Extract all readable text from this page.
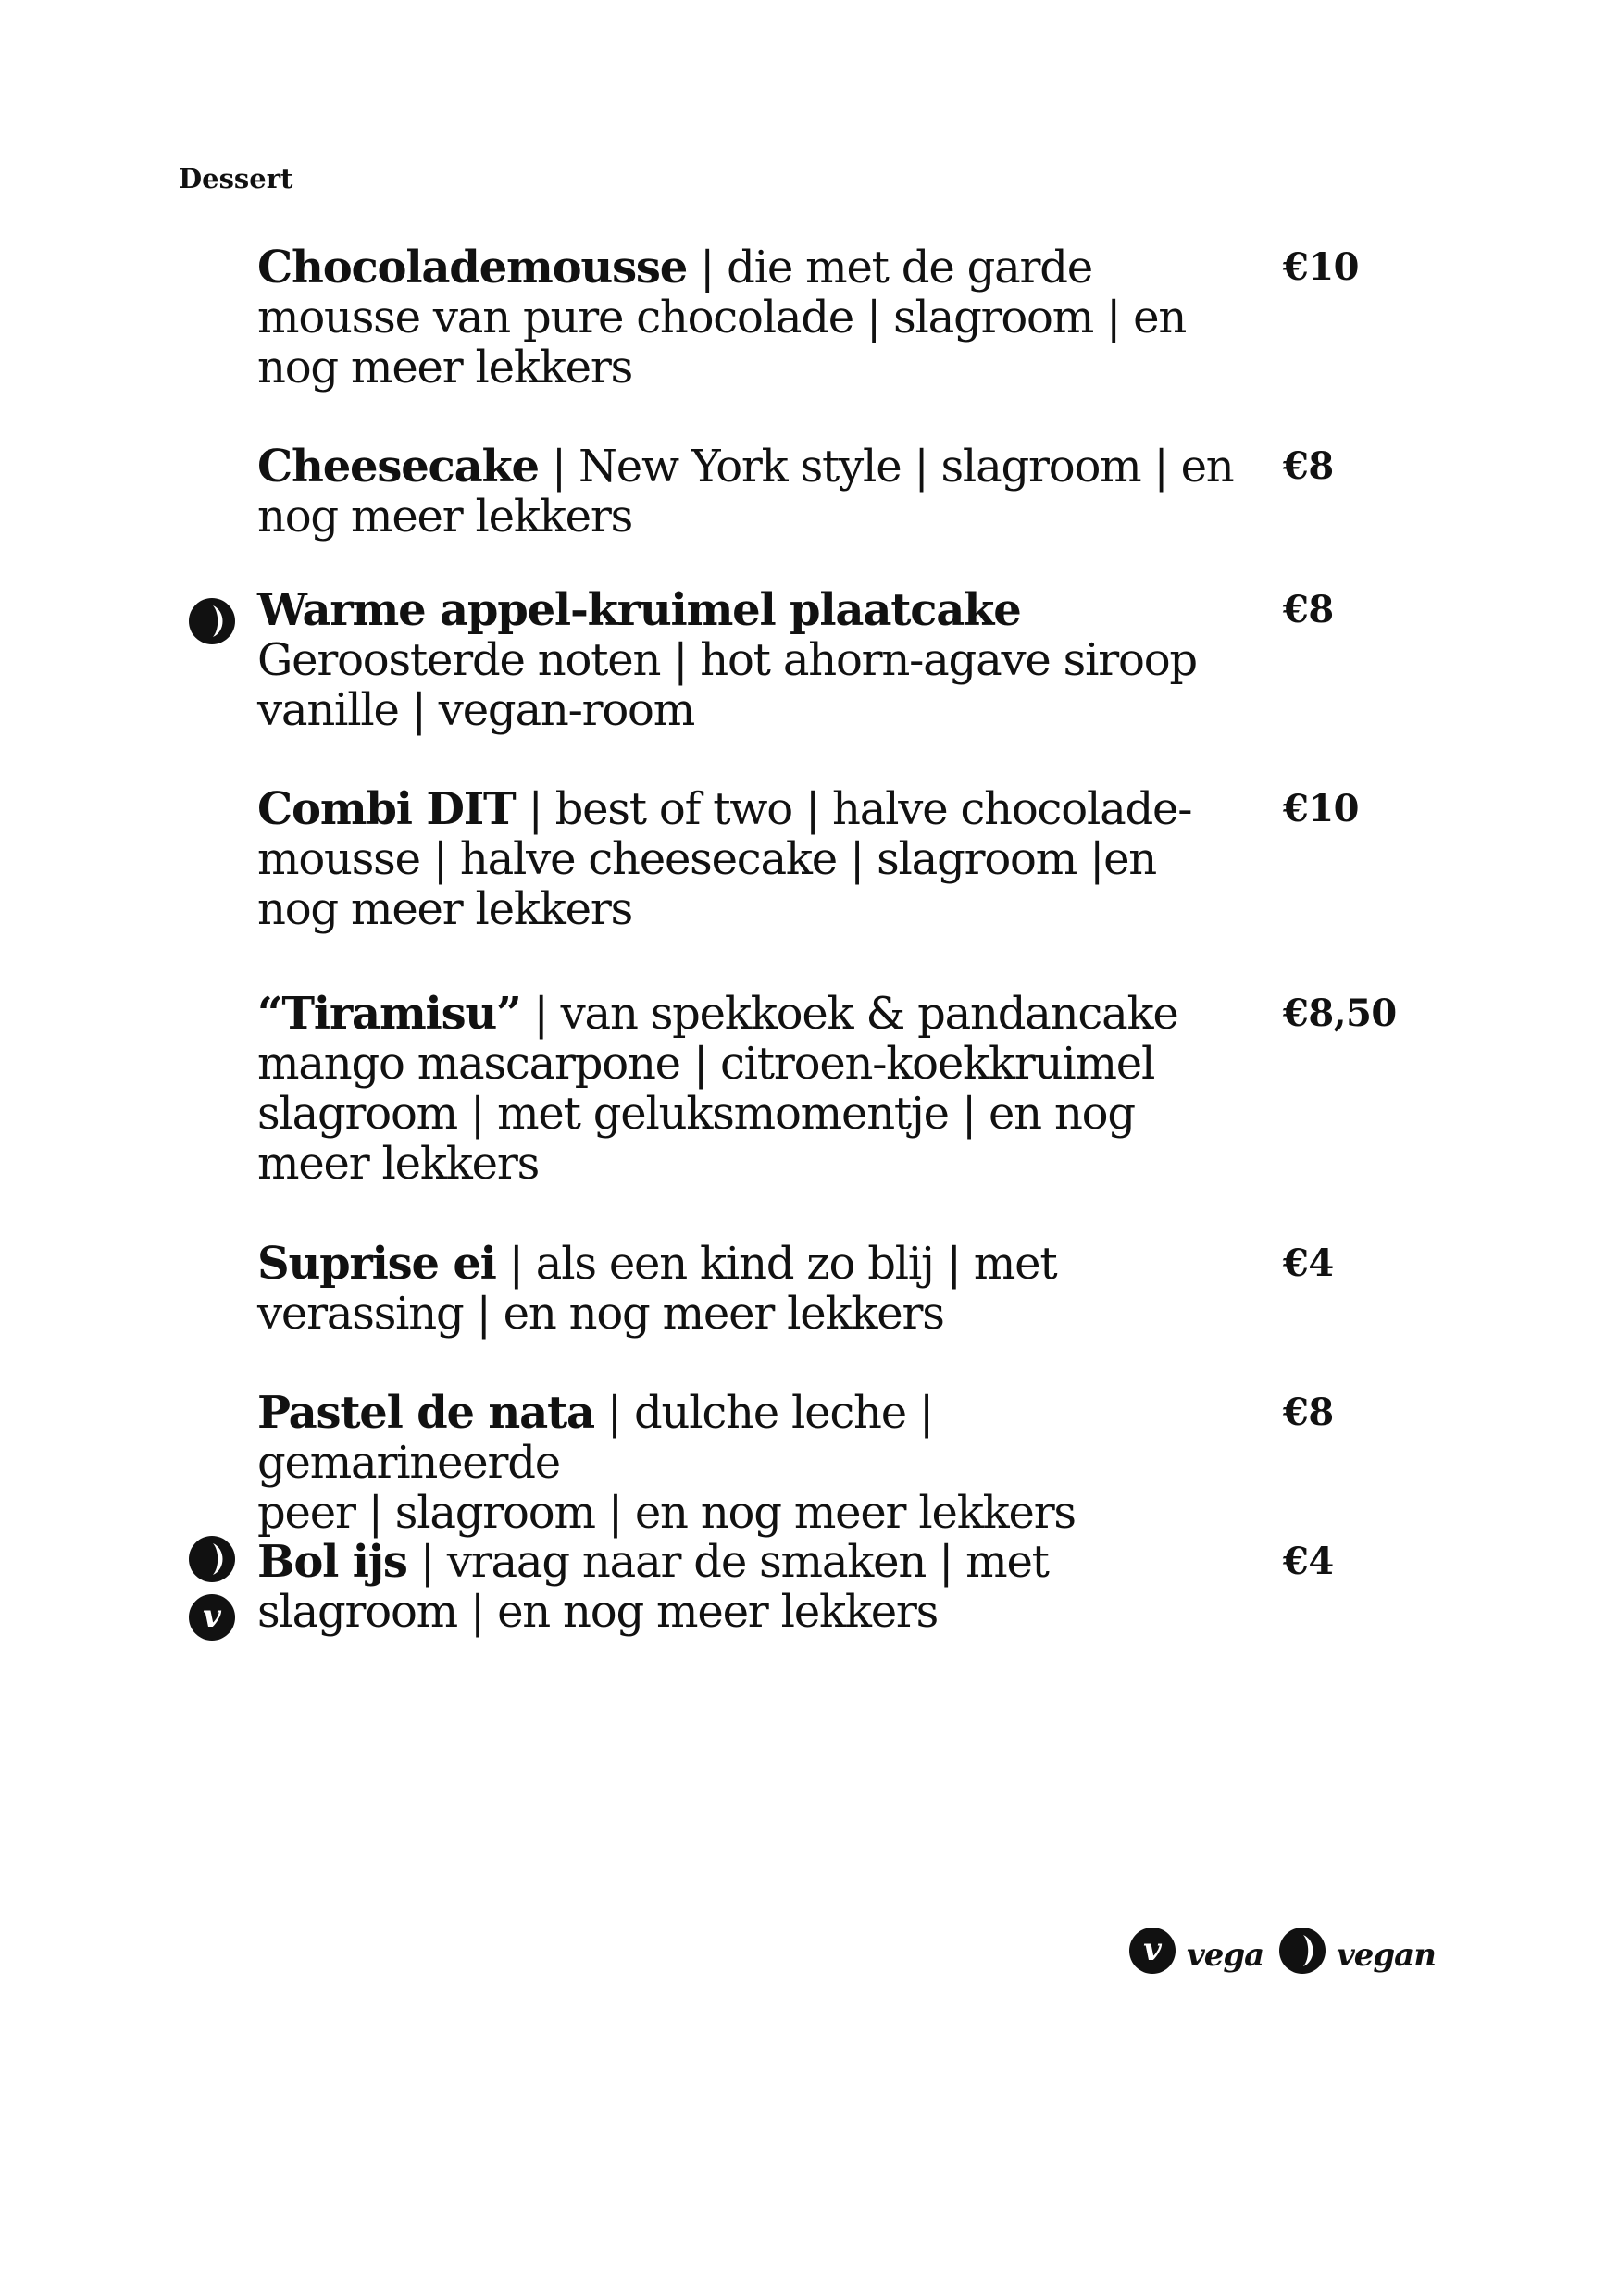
Dessert

Chocolademousse | die met de garde
mousse van pure chocolade | slagroom | en
nog meer lekkers

€10

Cheesecake | New York style | slagroom | en
nog meer lekkers

€8

Warme appel-kruimel plaatcake
Geroosterde noten | hot ahorn-agave siroop
vanille | vegan-room

€8

Combi DIT | best of two | halve chocolade-
mousse | halve cheesecake | slagroom |en
nog meer lekkers

€10

“Tiramisu” | van spekkoek & pandancake
mango mascarpone | citroen-koekkruimel
slagroom | met geluksmomentje | en nog
meer lekkers

€8,50

Suprise ei | als een kind zo blij | met
verassing | en nog meer lekkers

€4

Pastel de nata | dulche leche | gemarineerde
peer | slagroom | en nog meer lekkers

€8
v

Bol ijs | vraag naar de smaken | met
slagroom | en nog meer lekkers

€4
v vega vegan
